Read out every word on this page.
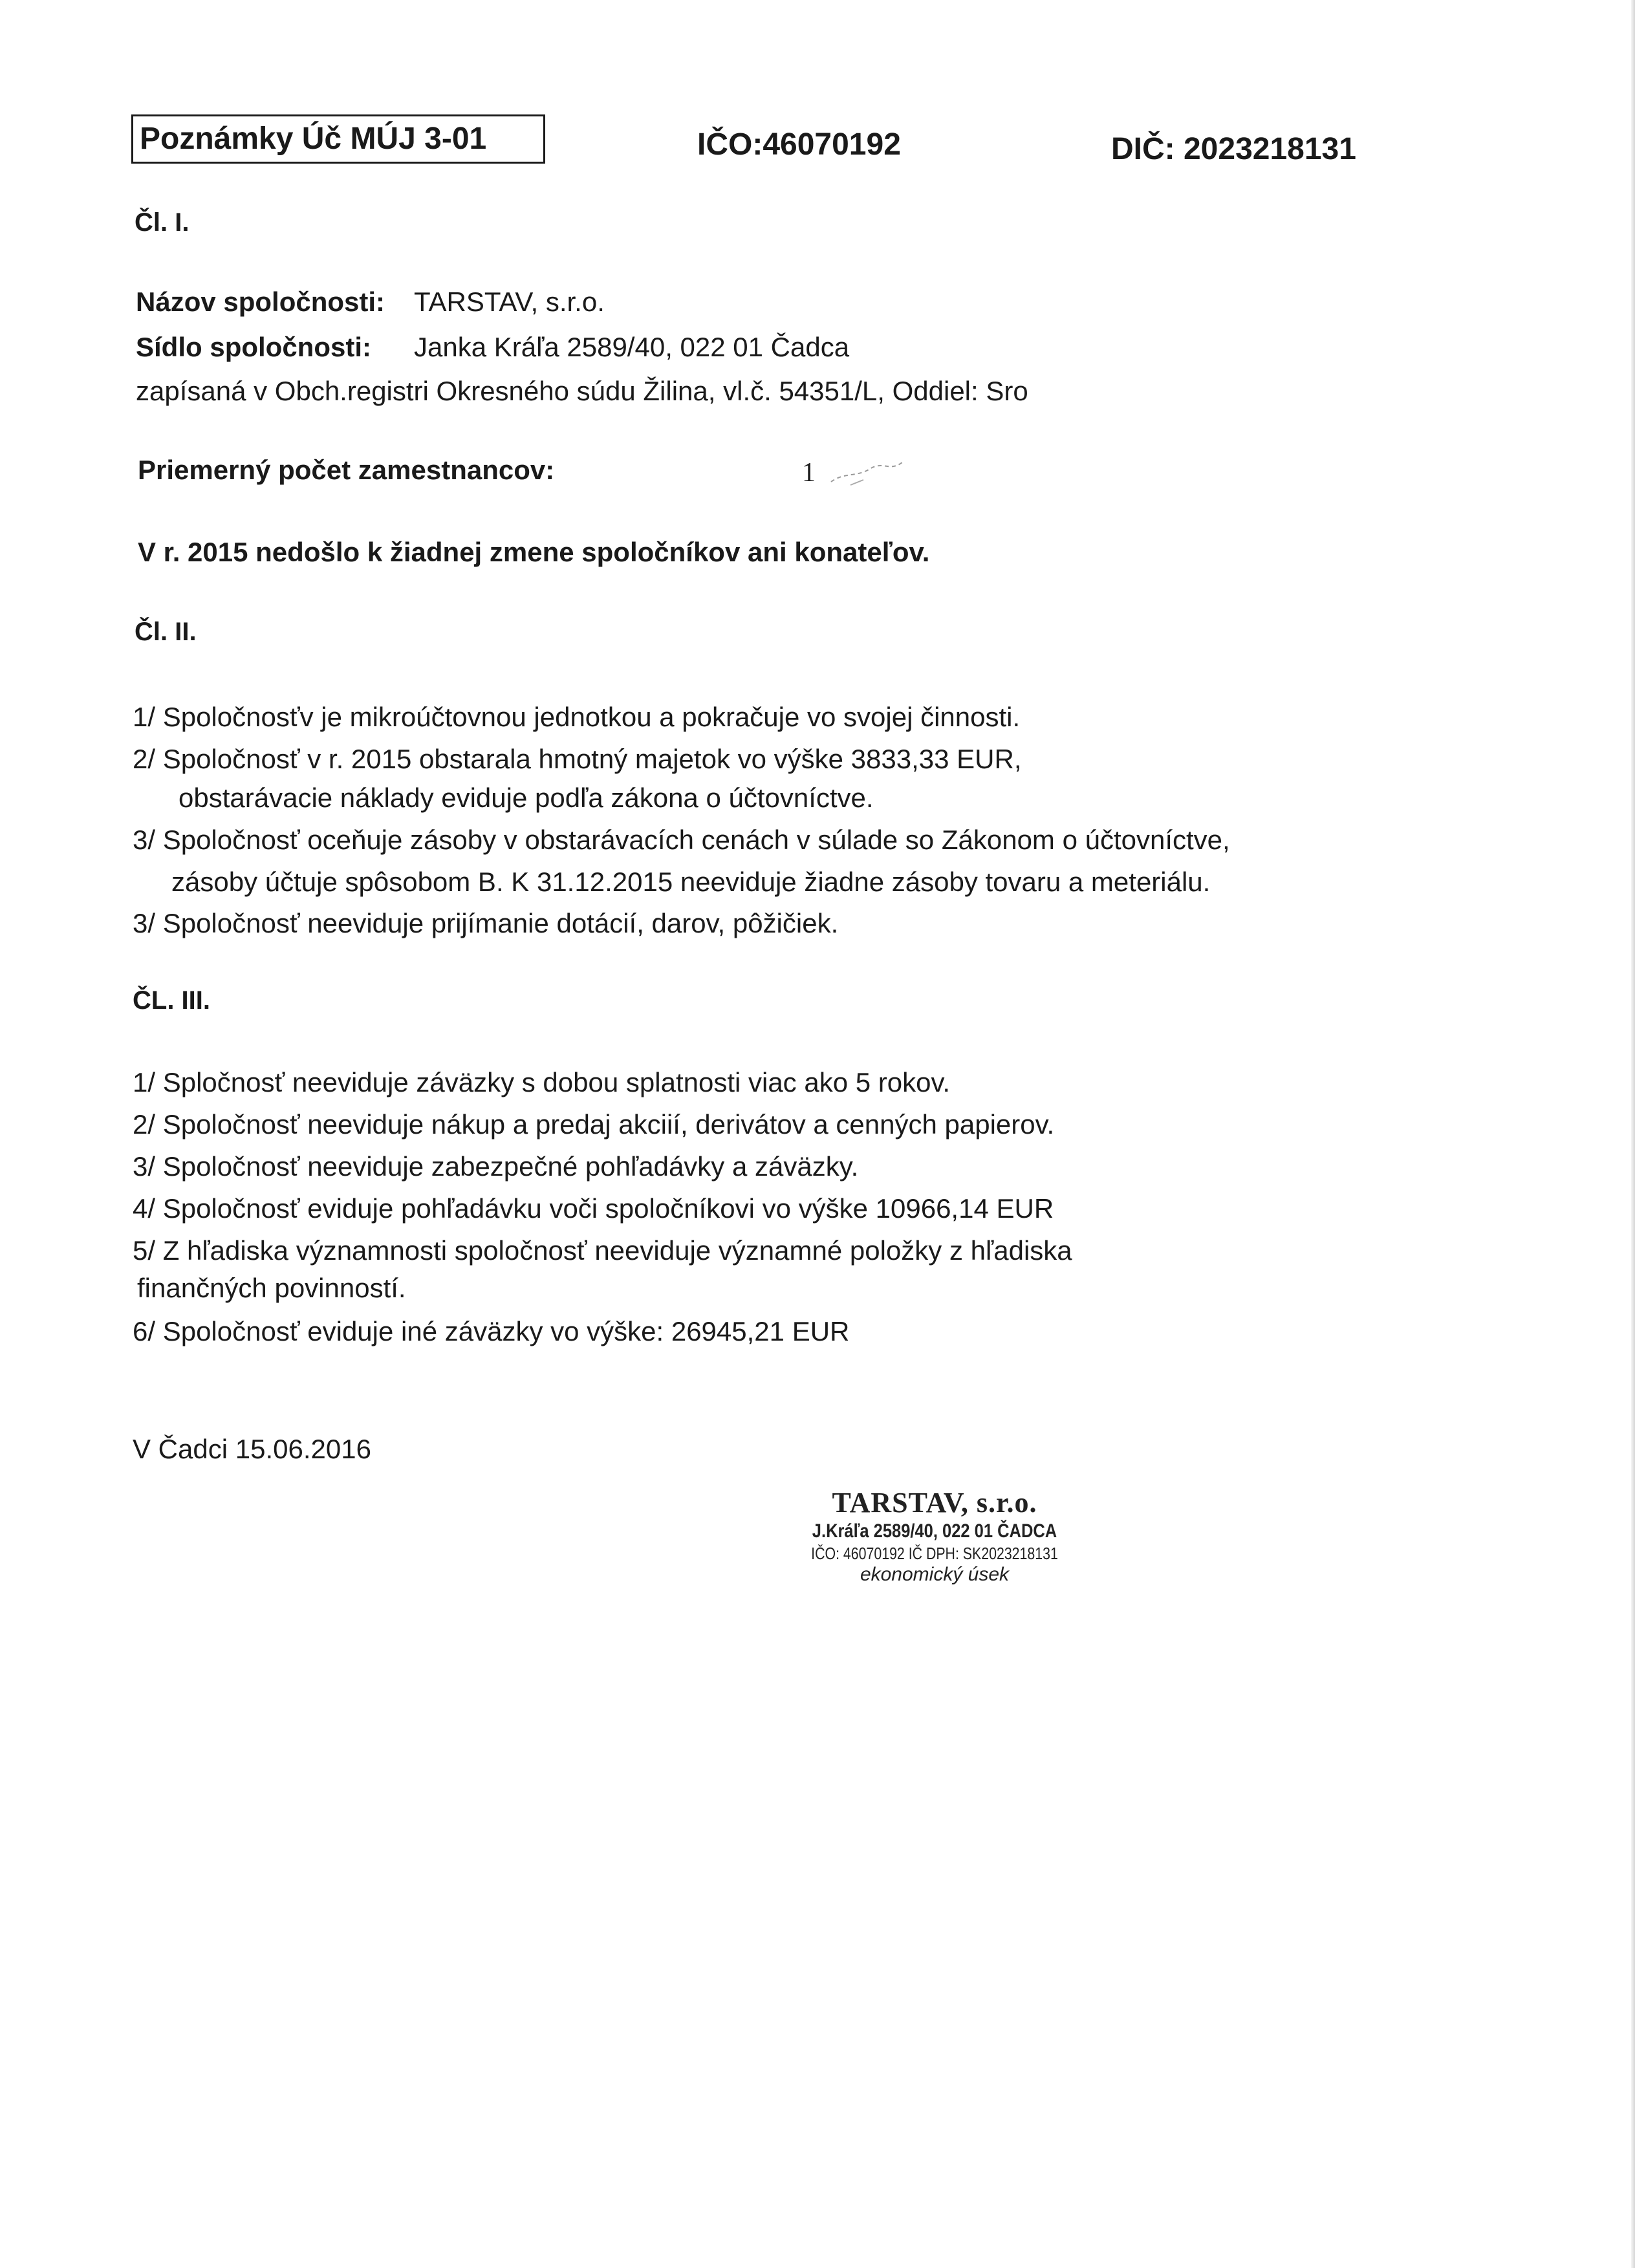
Poznámky Úč MÚJ 3-01	IČO:46070192	DIČ: 2023218131
Čl. I.
Názov spoločnosti:	TARSTAV, s.r.o.
Sídlo spoločnosti:	Janka Kráľa 2589/40, 022 01 Čadca
zapísaná v Obch.registri Okresného súdu Žilina, vl.č. 54351/L, Oddiel: Sro
Priemerný počet zamestnancov:	1
V r. 2015 nedošlo k žiadnej zmene spoločníkov ani konateľov.
Čl. II.
1/ Spoločnosťv je mikroúčtovnou jednotkou a pokračuje vo svojej činnosti.
2/ Spoločnosť v r. 2015 obstarala hmotný majetok vo výške 3833,33 EUR,
obstarávacie náklady eviduje podľa zákona o účtovníctve.
3/ Spoločnosť oceňuje zásoby v obstarávacích cenách v súlade so Zákonom o účtovníctve,
zásoby účtuje spôsobom B. K 31.12.2015 neeviduje žiadne zásoby tovaru a meteriálu.
3/ Spoločnosť neeviduje prijímanie dotácií, darov, pôžičiek.
ČL. III.
1/ Spločnosť neeviduje záväzky s dobou splatnosti viac ako 5 rokov.
2/ Spoločnosť neeviduje nákup a predaj akciií, derivátov a cenných papierov.
3/ Spoločnosť neeviduje zabezpečné pohľadávky a záväzky.
4/ Spoločnosť eviduje pohľadávku voči spoločníkovi vo výške 10966,14 EUR
5/ Z hľadiska významnosti spoločnosť neeviduje významné položky z hľadiska
finančných povinností.
6/ Spoločnosť eviduje iné záväzky vo výške: 26945,21 EUR
V Čadci 15.06.2016
TARSTAV, s.r.o.
J.Kráľa 2589/40, 022 01 ČADCA
IČO: 46070192 IČ DPH: SK2023218131
ekonomický úsek
